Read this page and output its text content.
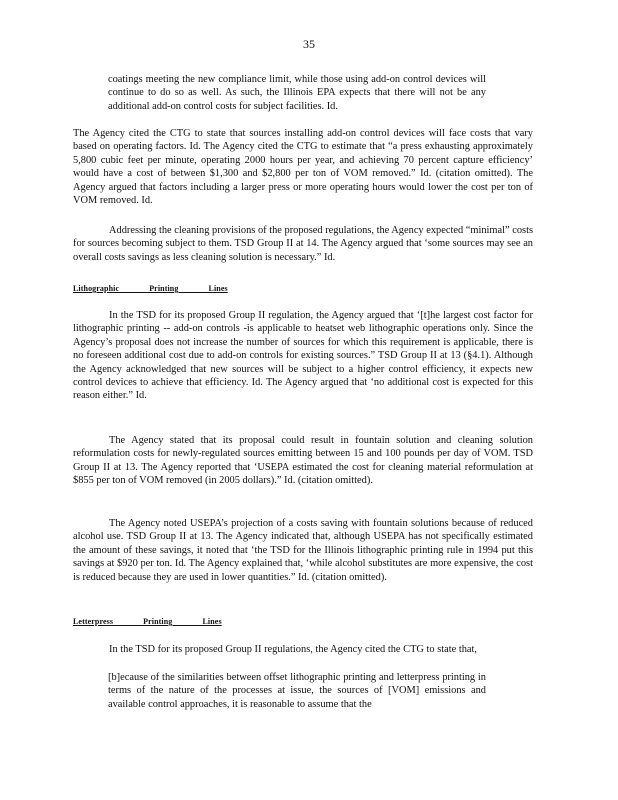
35

coatings meeting the new compliance limit, while those using add-on control devices will continue to do so as well. As such, the Illinois EPA expects that there will not be any additional add-on control costs for subject facilities. Id.

The Agency cited the CTG to state that sources installing add-on control devices will face costs that vary based on operating factors. Id. The Agency cited the CTG to estimate that “a press exhausting approximately 5,800 cubic feet per minute, operating 2000 hours per year, and achieving 70 percent capture efficiency’ would have a cost of between $1,300 and $2,800 per ton of VOM removed.” Id. (citation omitted). The Agency argued that factors including a larger press or more operating hours would lower the cost per ton of VOM removed. Id.

Addressing the cleaning provisions of the proposed regulations, the Agency expected “minimal” costs for sources becoming subject to them. TSD Group II at 14. The Agency argued that ‘some sources may see an overall costs savings as less cleaning solution is necessary.” Id.

Lithographic Printing Lines

In the TSD for its proposed Group II regulation, the Agency argued that ‘[t]he largest cost factor for lithographic printing -- add-on controls -is applicable to heatset web lithographic operations only. Since the Agency’s proposal does not increase the number of sources for which this requirement is applicable, there is no foreseen additional cost due to add-on controls for existing sources.” TSD Group II at 13 (§4.1). Although the Agency acknowledged that new sources will be subject to a higher control efficiency, it expects new control devices to achieve that efficiency. Id. The Agency argued that ‘no additional cost is expected for this reason either.” Id.

The Agency stated that its proposal could result in fountain solution and cleaning solution reformulation costs for newly-regulated sources emitting between 15 and 100 pounds per day of VOM. TSD Group II at 13. The Agency reported that ‘USEPA estimated the cost for cleaning material reformulation at $855 per ton of VOM removed (in 2005 dollars).” Id. (citation omitted).

The Agency noted USEPA’s projection of a costs saving with fountain solutions because of reduced alcohol use. TSD Group II at 13. The Agency indicated that, although USEPA has not specifically estimated the amount of these savings, it noted that ‘the TSD for the Illinois lithographic printing rule in 1994 put this savings at $920 per ton. Id. The Agency explained that, ‘while alcohol substitutes are more expensive, the cost is reduced because they are used in lower quantities.” Id. (citation omitted).

Letterpress Printing Lines

In the TSD for its proposed Group II regulations, the Agency cited the CTG to state that,

[b]ecause of the similarities between offset lithographic printing and letterpress printing in terms of the nature of the processes at issue, the sources of [VOM] emissions and available control approaches, it is reasonable to assume that the
